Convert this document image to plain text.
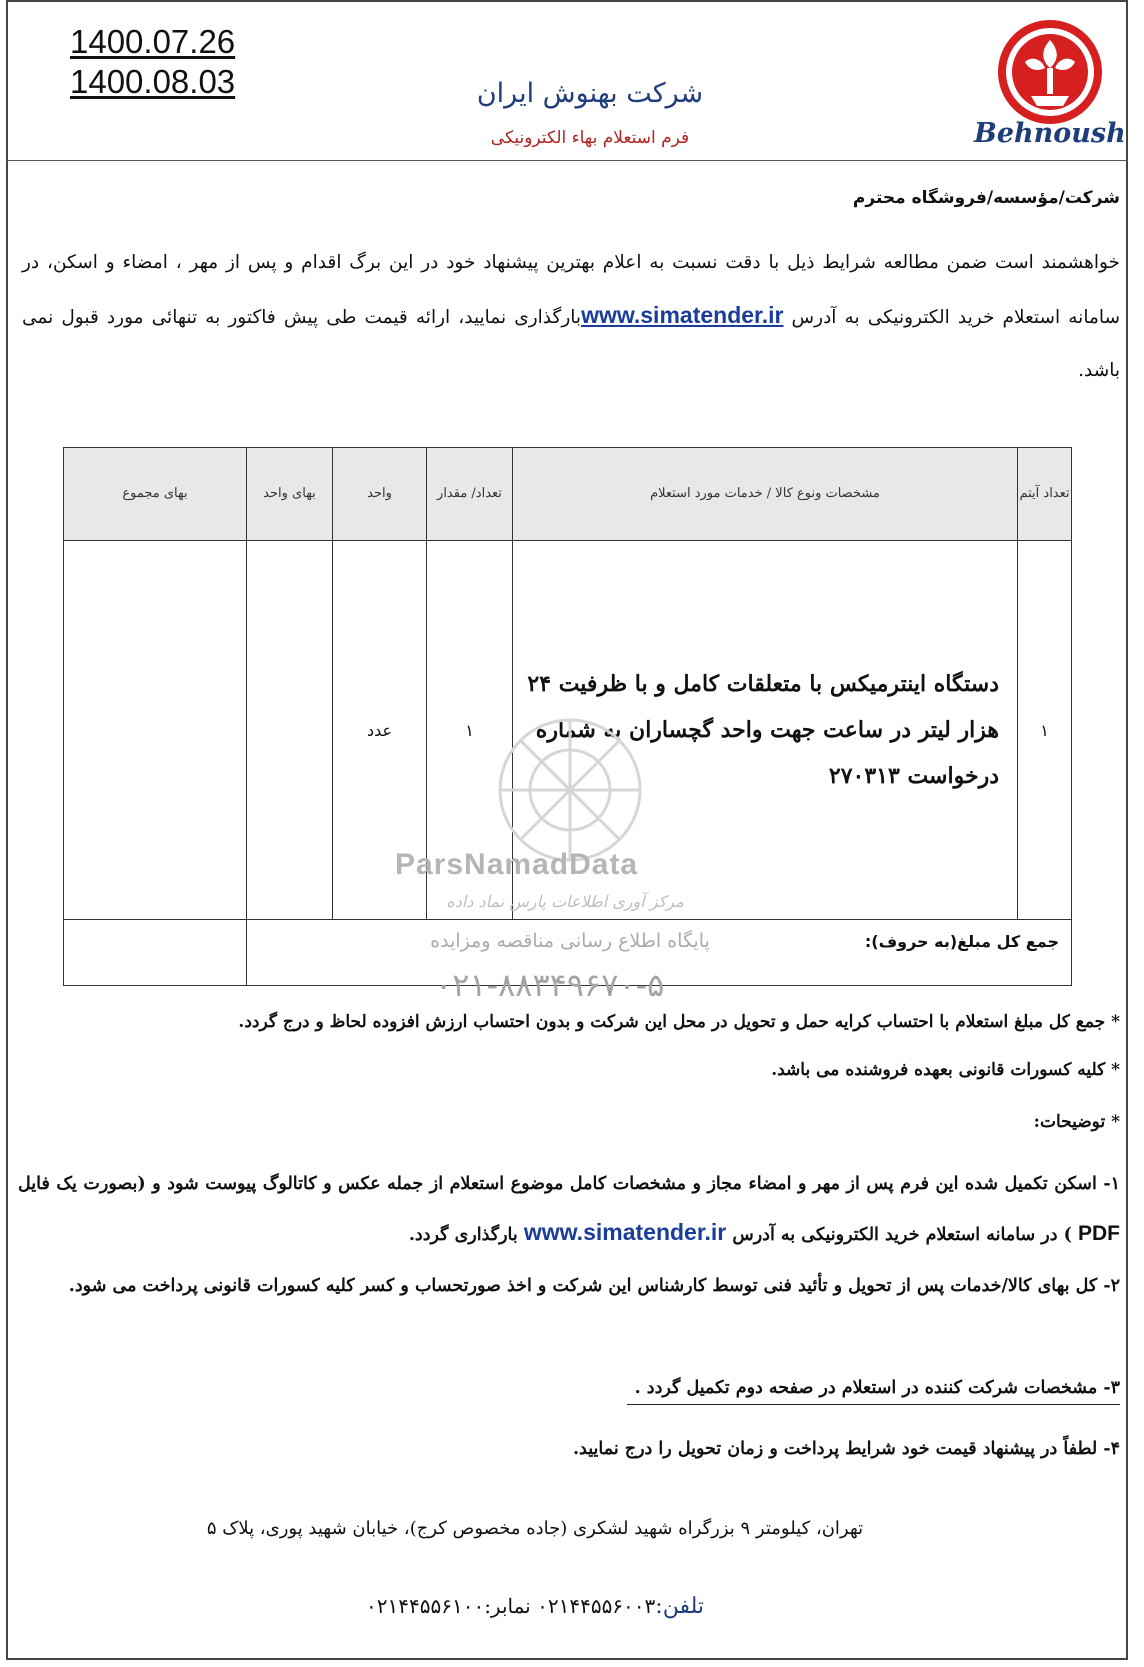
1400.07.26
1400.08.03	شرکت بهنوش ایران
فرم استعلام بهاء الکترونیکی	Behnoush
شرکت/مؤسسه/فروشگاه محترم
خواهشمند است ضمن مطالعه شرایط ذیل با دقت نسبت به اعلام بهترین پیشنهاد خود در این برگ اقدام و پس از مهر ، امضاء و اسکن، در سامانه استعلام خرید الکترونیکی به آدرس www.simatender.irبارگذاری نمایید، ارائه قیمت طی پیش فاکتور به تنهائی مورد قبول نمی باشد.
تعداد آیتم	مشخصات ونوع کالا / خدمات مورد استعلام	تعداد/ مقدار	واحد	بهای واحد	بهای مجموع
۱	دستگاه اینترمیکس با متعلقات کامل و با ظرفیت ۲۴ هزار لیتر در ساعت جهت واحد گچساران به شماره درخواست ۲۷۰۳۱۳	۱	عدد		
جمع کل مبلغ(به حروف):					
ParsNamadData
مرکز آوری اطلاعات پارس نماد داده
پایگاه اطلاع رسانی مناقصه ومزایده
۰۲۱-۸۸۳۴۹۶۷۰-۵
* جمع کل مبلغ استعلام با احتساب کرایه حمل و تحویل در محل این شرکت و بدون احتساب ارزش افزوده لحاظ و درج گردد.
* کلیه کسورات قانونی بعهده فروشنده می باشد.
* توضیحات:
۱- اسکن تکمیل شده این فرم پس از مهر و امضاء مجاز و مشخصات کامل موضوع استعلام از جمله عکس و کاتالوگ پیوست شود و (بصورت یک فایل PDF ) در سامانه استعلام خرید الکترونیکی به آدرس www.simatender.ir بارگذاری گردد.
۲- کل بهای کالا/خدمات پس از تحویل و تأئید فنی توسط کارشناس این شرکت و اخذ صورتحساب و کسر کلیه کسورات قانونی پرداخت می شود.
۳- مشخصات شرکت کننده در استعلام در صفحه دوم تکمیل گردد .
۴- لطفاً در پیشنهاد قیمت خود شرایط پرداخت و زمان تحویل را درج نمایید.
تهران، کیلومتر ۹ بزرگراه شهید لشکری (جاده مخصوص کرج)، خیابان شهید پوری، پلاک ۵
تلفن:۰۲۱۴۴۵۵۶۰۰۳ نمابر:۰۲۱۴۴۵۵۶۱۰۰
